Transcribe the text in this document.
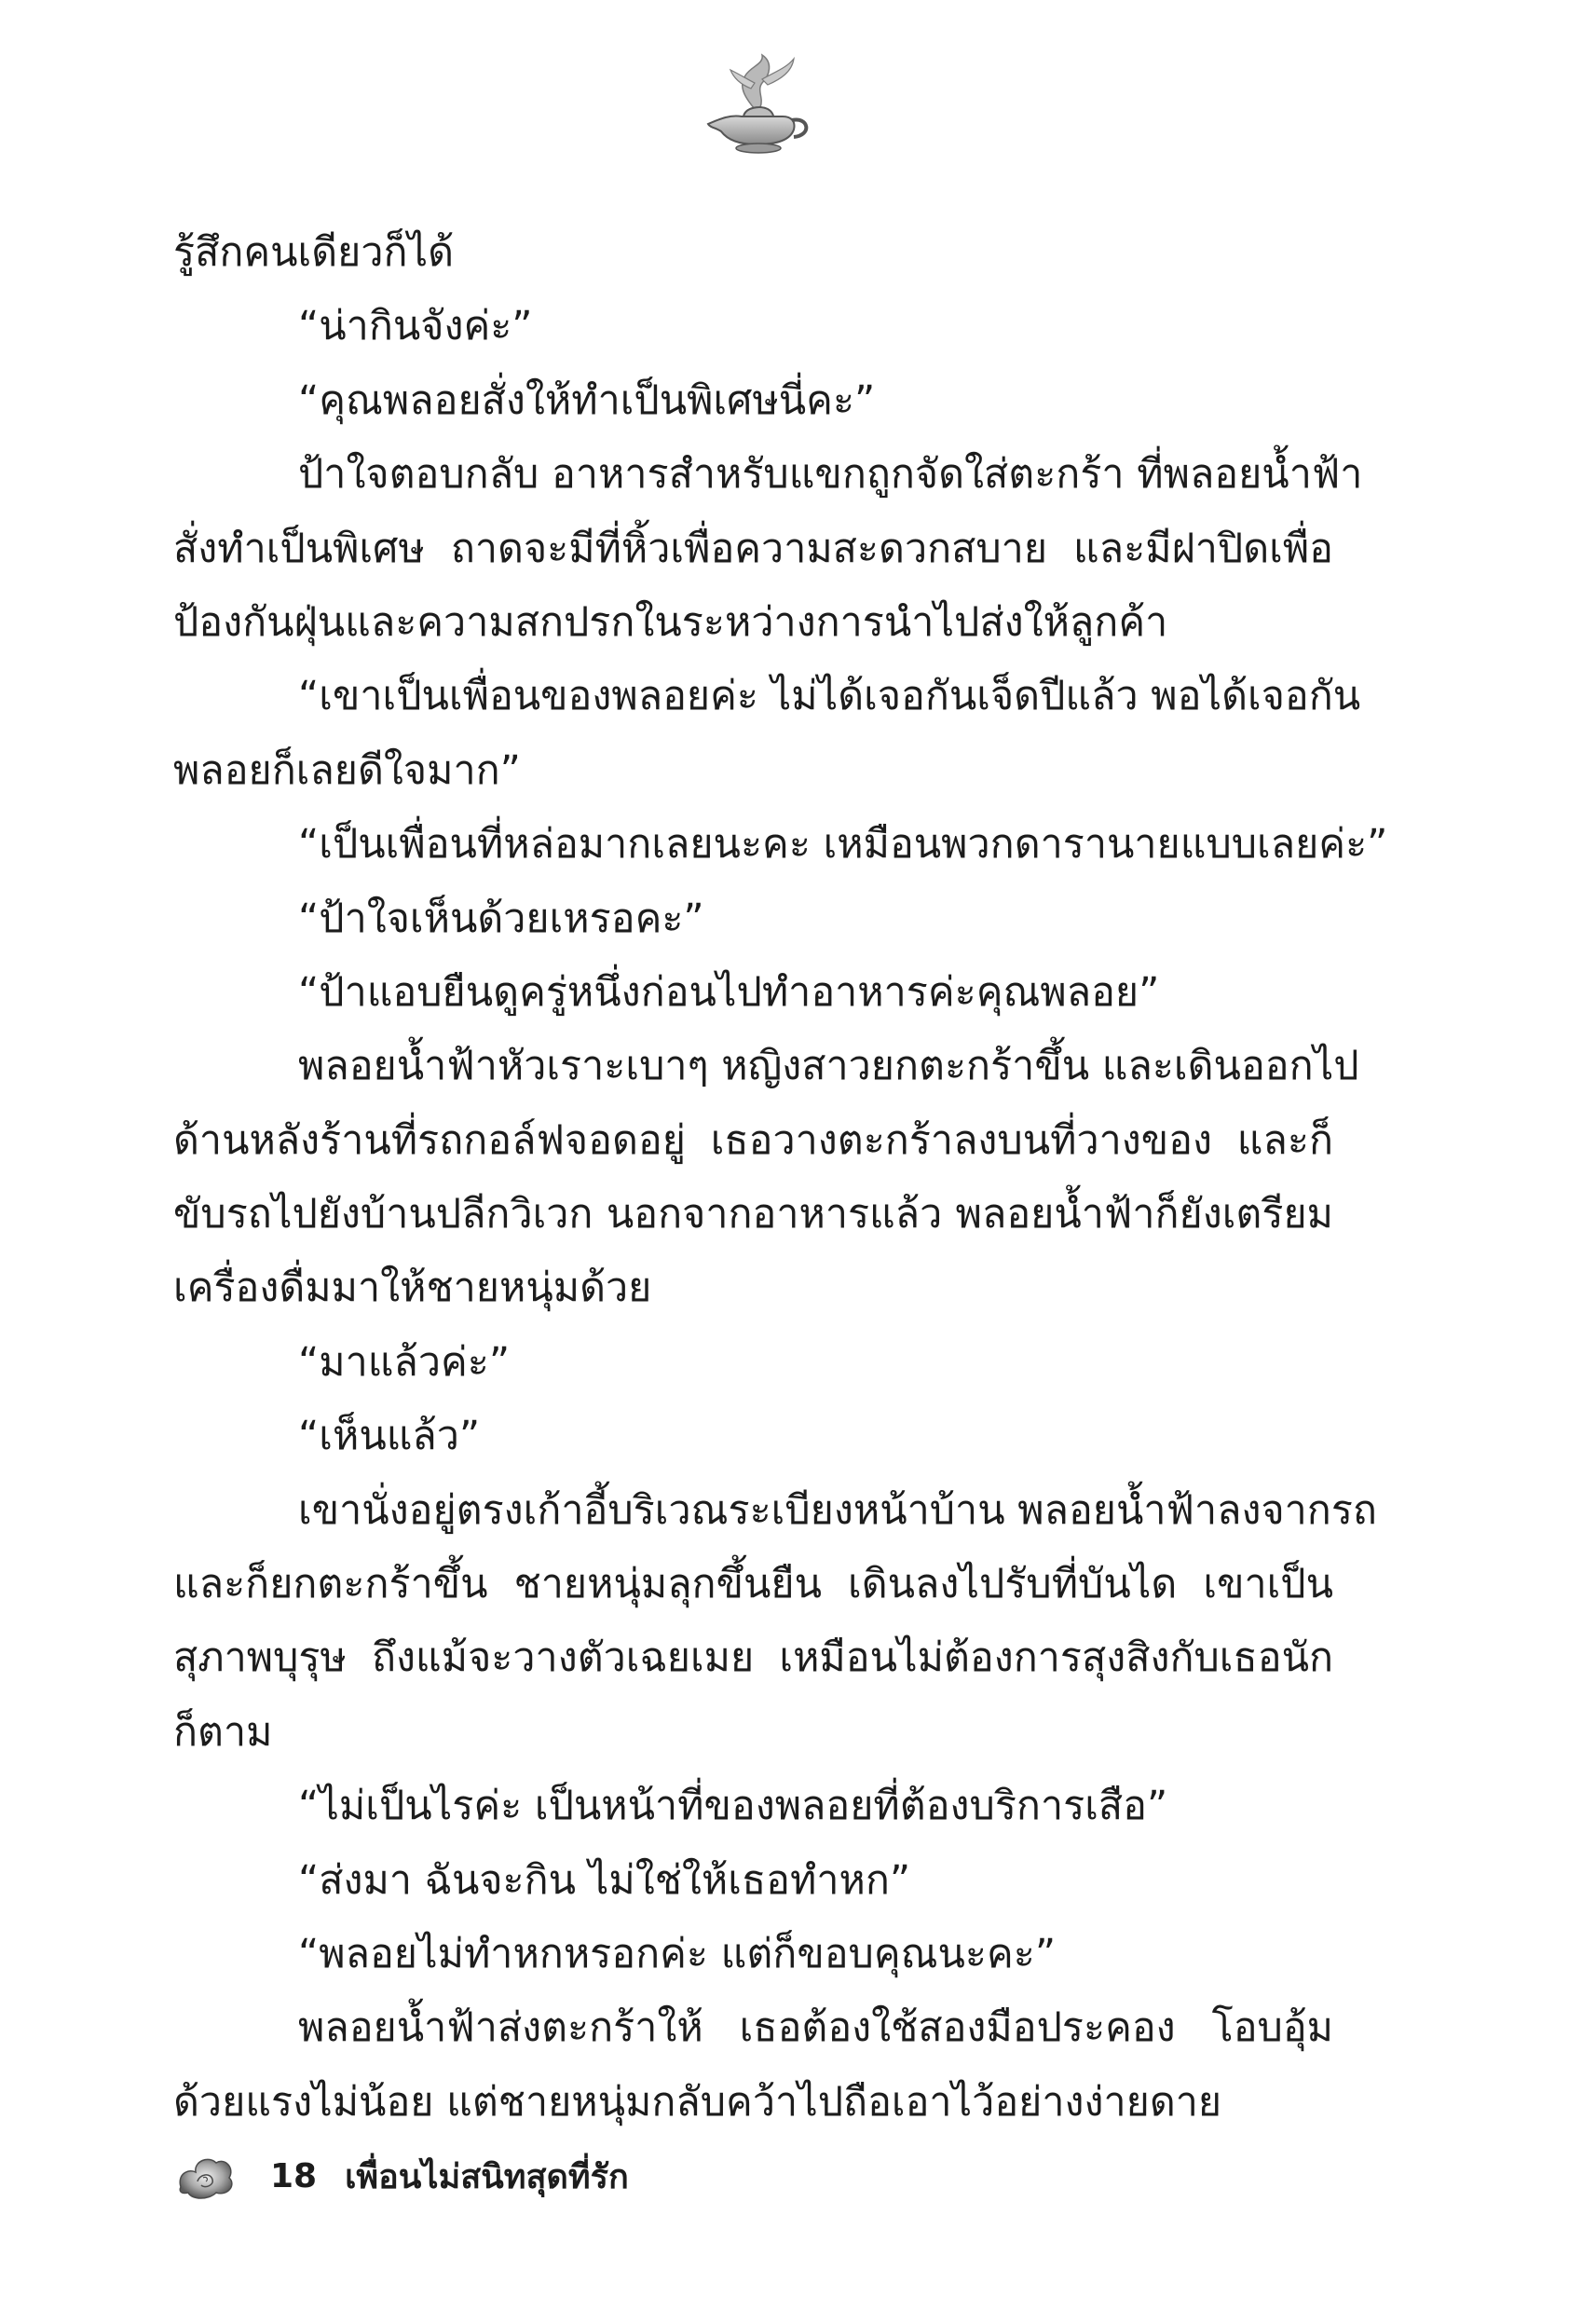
รู้สึกคนเดียวก็ได้
“น่ากินจังค่ะ”
“คุณพลอยสั่งให้ทำเป็นพิเศษนี่คะ”
ป้าใจตอบกลับ อาหารสำหรับแขกถูกจัดใส่ตะกร้า ที่พลอยน้ำฟ้า
สั่งทำเป็นพิเศษ ถาดจะมีที่หิ้วเพื่อความสะดวกสบาย และมีฝาปิดเพื่อ
ป้องกันฝุ่นและความสกปรกในระหว่างการนำไปส่งให้ลูกค้า
“เขาเป็นเพื่อนของพลอยค่ะ ไม่ได้เจอกันเจ็ดปีแล้ว พอได้เจอกัน
พลอยก็เลยดีใจมาก”
“เป็นเพื่อนที่หล่อมากเลยนะคะ เหมือนพวกดารานายแบบเลยค่ะ”
“ป้าใจเห็นด้วยเหรอคะ”
“ป้าแอบยืนดูครู่หนึ่งก่อนไปทำอาหารค่ะคุณพลอย”
พลอยน้ำฟ้าหัวเราะเบาๆ หญิงสาวยกตะกร้าขึ้น และเดินออกไป
ด้านหลังร้านที่รถกอล์ฟจอดอยู่ เธอวางตะกร้าลงบนที่วางของ และก็
ขับรถไปยังบ้านปลีกวิเวก นอกจากอาหารแล้ว พลอยน้ำฟ้าก็ยังเตรียม
เครื่องดื่มมาให้ชายหนุ่มด้วย
“มาแล้วค่ะ”
“เห็นแล้ว”
เขานั่งอยู่ตรงเก้าอี้บริเวณระเบียงหน้าบ้าน พลอยน้ำฟ้าลงจากรถ
และก็ยกตะกร้าขึ้น ชายหนุ่มลุกขึ้นยืน เดินลงไปรับที่บันได เขาเป็น
สุภาพบุรุษ ถึงแม้จะวางตัวเฉยเมย เหมือนไม่ต้องการสุงสิงกับเธอนัก
ก็ตาม
“ไม่เป็นไรค่ะ เป็นหน้าที่ของพลอยที่ต้องบริการเสือ”
“ส่งมา ฉันจะกิน ไม่ใช่ให้เธอทำหก”
“พลอยไม่ทำหกหรอกค่ะ แต่ก็ขอบคุณนะคะ”
พลอยน้ำฟ้าส่งตะกร้าให้ เธอต้องใช้สองมือประคอง โอบอุ้ม
ด้วยแรงไม่น้อย แต่ชายหนุ่มกลับคว้าไปถือเอาไว้อย่างง่ายดาย
18 เพื่อนไม่สนิทสุดที่รัก
